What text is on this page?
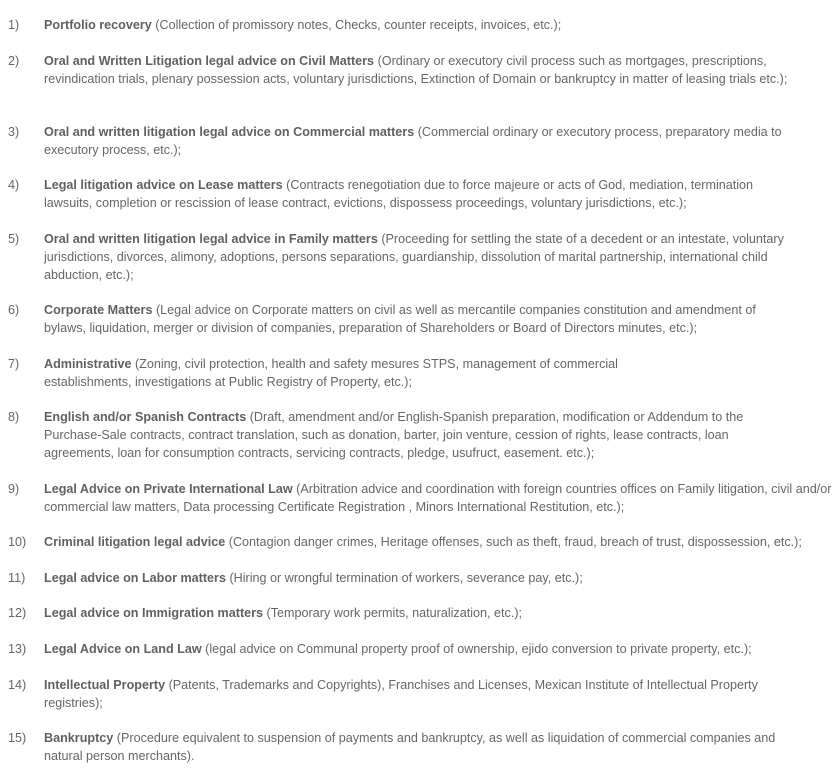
1)	Portfolio recovery (Collection of promissory notes, Checks, counter receipts, invoices, etc.);
2)	Oral and Written Litigation legal advice on Civil Matters (Ordinary or executory civil process such as mortgages, prescriptions, revindication trials, plenary possession acts, voluntary jurisdictions, Extinction of Domain or bankruptcy in matter of leasing trials etc.);
3)	Oral and written litigation legal advice on Commercial matters (Commercial ordinary or executory process, preparatory media to executory process, etc.);
4)	Legal litigation advice on Lease matters (Contracts renegotiation due to force majeure or acts of God, mediation, termination lawsuits, completion or rescission of lease contract, evictions, dispossess proceedings, voluntary jurisdictions, etc.);
5)	Oral and written litigation legal advice in Family matters (Proceeding for settling the state of a decedent or an intestate, voluntary jurisdictions, divorces, alimony, adoptions, persons separations, guardianship, dissolution of marital partnership, international child abduction, etc.);
6)	Corporate Matters (Legal advice on Corporate matters on civil as well as mercantile companies constitution and amendment of bylaws, liquidation, merger or division of companies, preparation of Shareholders or Board of Directors minutes, etc.);
7)	Administrative (Zoning, civil protection, health and safety mesures STPS, management of commercial establishments, investigations at Public Registry of Property, etc.);
8)	English and/or Spanish Contracts (Draft, amendment and/or English-Spanish preparation, modification or Addendum to the Purchase-Sale contracts, contract translation, such as donation, barter, join venture, cession of rights, lease contracts, loan agreements, loan for consumption contracts, servicing contracts, pledge, usufruct, easement. etc.);
9)	Legal Advice on Private International Law (Arbitration advice and coordination with foreign countries offices on Family litigation, civil and/or commercial law matters, Data processing Certificate Registration , Minors International Restitution, etc.);
10)	Criminal litigation legal advice (Contagion danger crimes, Heritage offenses, such as theft, fraud, breach of trust, dispossession, etc.);
11)	Legal advice on Labor matters (Hiring or wrongful termination of workers, severance pay, etc.);
12)	Legal advice on Immigration matters (Temporary work permits, naturalization, etc.);
13)	Legal Advice on Land Law (legal advice on Communal property proof of ownership, ejido conversion to private property, etc.);
14)	Intellectual Property (Patents, Trademarks and Copyrights), Franchises and Licenses, Mexican Institute of Intellectual Property registries);
15)	Bankruptcy (Procedure equivalent to suspension of payments and bankruptcy, as well as liquidation of commercial companies and natural person merchants).
